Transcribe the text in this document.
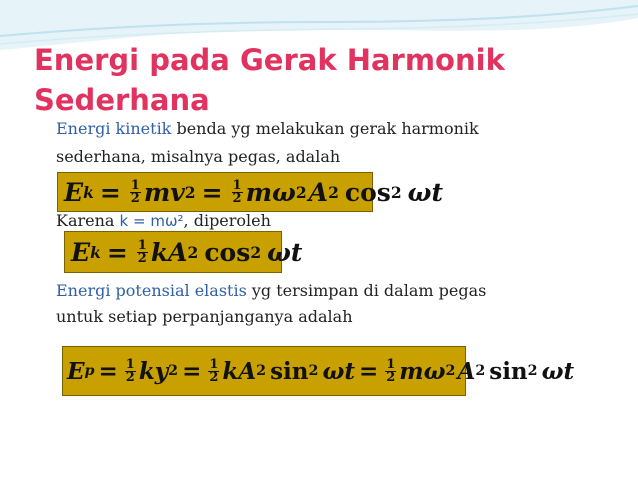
Energi pada Gerak Harmonik
Sederhana
Energi kinetik benda yg melakukan gerak harmonik
sederhana, misalnya pegas, adalah
E $k = \frac{1}{2}$ mv $2 = \frac{1}{2}$ mω 2 A 2 cos 2 ωt
Karena k = mω², diperoleh
E $k = \frac{1}{2}$ kA 2 cos 2 ωt
Energi potensial elastis yg tersimpan di dalam pegas
untuk setiap perpanjanganya adalah
E $p = \frac{1}{2}$ ky $2 = \frac{1}{2}$ kA 2 sin 2 $\omega t = \frac{1}{2}$ mω 2 A 2 sin 2 ωt
